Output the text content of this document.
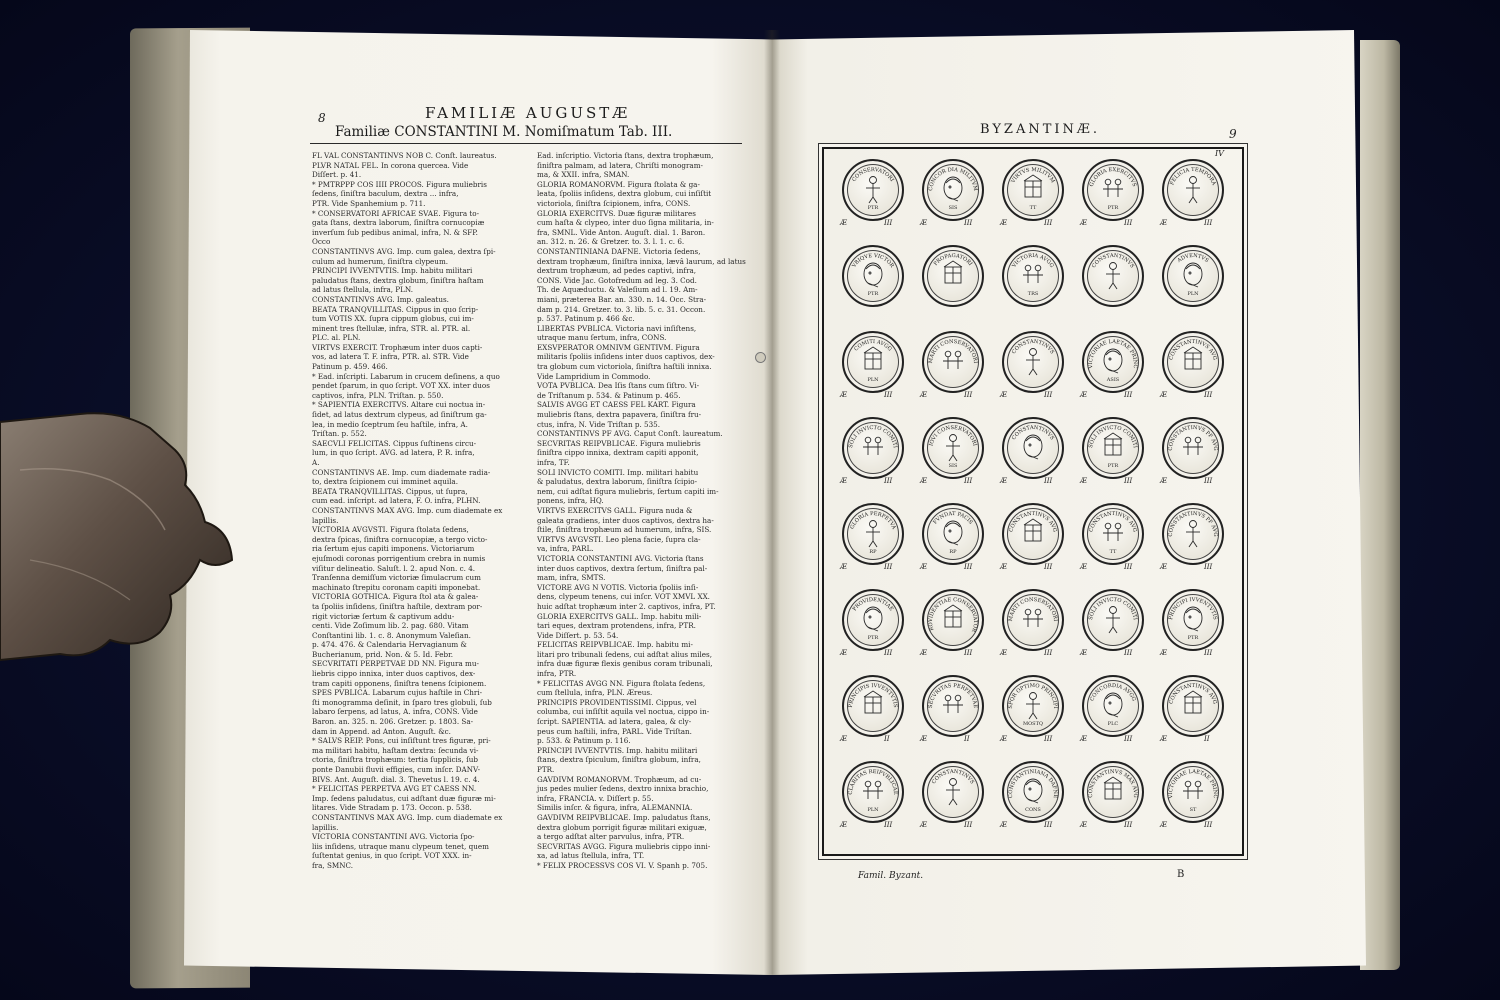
8	FAMILIÆ AUGUSTÆ
Familiæ CONSTANTINI M. Nomiſmatum Tab. III.
FL VAL CONSTANTINVS NOB C. Conſt. laureatus.
PLVR NATAL FEL. In corona quercea. Vide
Diſſert. p. 41.
* PMTRPPP COS IIII PROCOS. Figura muliebris
ſedens, ſiniſtra baculum, dextra ... infra,
PTR. Vide Spanhemium p. 711.
* CONSERVATORI AFRICAE SVAE. Figura to-
gata ſtans, dextra laborum, ſiniſtra cornucopiæ
inverſum ſub pedibus animal, infra, N. & SFP.
Occo
CONSTANTINVS AVG. Imp. cum galea, dextra ſpi-
culum ad humerum, ſiniſtra clypeum.
PRINCIPI IVVENTVTIS. Imp. habitu militari
paludatus ſtans, dextra globum, ſiniſtra haſtam
ad latus ſtellula, infra, PLN.
CONSTANTINVS AVG. Imp. galeatus.
BEATA TRANQVILLITAS. Cippus in quo ſcrip-
tum VOTIS XX. ſupra cippum globus, cui im-
minent tres ſtellulæ, infra, STR. al. PTR. al.
PLC. al. PLN.
VIRTVS EXERCIT. Trophæum inter duos capti-
vos, ad latera T. F. infra, PTR. al. STR. Vide
Patinum p. 459. 466.
* Ead. inſcripti. Labarum in crucem deſinens, a quo
pendet ſparum, in quo ſcript. VOT XX. inter duos
captivos, infra, PLN. Triſtan. p. 550.
* SAPIENTIA EXERCITVS. Altare cui noctua in-
ſidet, ad latus dextrum clypeus, ad ſiniſtrum ga-
lea, in medio ſceptrum ſeu haſtile, infra, A.
Triſtan. p. 552.
SAECVLI FELICITAS. Cippus ſuſtinens circu-
lum, in quo ſcript. AVG. ad latera, P. R. infra,
A.
CONSTANTINVS AE. Imp. cum diademate radia-
to, dextra ſcipionem cui imminet aquila.
BEATA TRANQVILLITAS. Cippus, ut ſupra,
cum ead. inſcript. ad latera, F. O. infra, PLHN.
CONSTANTINVS MAX AVG. Imp. cum diademate ex
lapillis.
VICTORIA AVGVSTI. Figura ſtolata ſedens,
dextra ſpicas, ſiniſtra cornucopiæ, a tergo victo-
ria ſertum ejus capiti imponens. Victoriarum
ejuſmodi coronas porrigentium crebra in numis
viſitur delineatio. Saluſt. l. 2. apud Non. c. 4.
Tranſenna demiſſum victoriæ ſimulacrum cum
machinato ſtrepitu coronam capiti imponebat.
VICTORIA GOTHICA. Figura ſtol ata & galea-
ta ſpoliis inſidens, ſiniſtra haſtile, dextram por-
rigit victoriæ ſertum & captivum addu-
centi. Vide Zoſimum lib. 2. pag. 680. Vitam
Conſtantini lib. 1. c. 8. Anonymum Valeſian.
p. 474. 476. & Calendaria Hervagianum &
Bucherianum, prid. Non. & 5. Id. Febr.
SECVRITATI PERPETVAE DD NN. Figura mu-
liebris cippo innixa, inter duos captivos, dex-
tram capiti opponens, ſiniſtra tenens ſcipionem.
SPES PVBLICA. Labarum cujus haſtile in Chri-
ſti monogramma deſinit, in ſparo tres globuli, ſub
labaro ſerpens, ad latus, A. infra, CONS. Vide
Baron. an. 325. n. 206. Gretzer. p. 1803. Sa-
dam in Append. ad Anton. Auguſt. &c.
* SALVS REIP. Pons, cui inſiſtunt tres figuræ, pri-
ma militari habitu, haſtam dextra: ſecunda vi-
ctoria, ſiniſtra trophæum: tertia ſupplicis, ſub
ponte Danubii fluvii effigies, cum inſcr. DANV-
BIVS. Ant. Auguſt. dial. 3. Thevetus l. 19. c. 4.
* FELICITAS PERPETVA AVG ET CAESS NN.
Imp. ſedens paludatus, cui adſtant duæ figuræ mi-
litares. Vide Stradam p. 173. Occon. p. 538.
CONSTANTINVS MAX AVG. Imp. cum diademate ex
lapillis.
VICTORIA CONSTANTINI AVG. Victoria ſpo-
liis inſidens, utraque manu clypeum tenet, quem
ſuſtentat genius, in quo ſcript. VOT XXX. in-
fra, SMNC.
Ead. inſcriptio. Victoria ſtans, dextra trophæum,
ſiniſtra palmam, ad latera, Chriſti monogram-
ma, & XXII. infra, SMAN.
GLORIA ROMANORVM. Figura ſtolata & ga-
leata, ſpoliis inſidens, dextra globum, cui inſiſtit
victoriola, ſiniſtra ſcipionem, infra, CONS.
GLORIA EXERCITVS. Duæ figuræ militares
cum haſta & clypeo, inter duo ſigna militaria, in-
fra, SMNL. Vide Anton. Auguſt. dial. 1. Baron.
an. 312. n. 26. & Gretzer. to. 3. l. 1. c. 6.
CONSTANTINIANA DAFNE. Victoria ſedens,
dextram trophæum, ſiniſtra innixa, lævâ laurum, ad latus
dextrum trophæum, ad pedes captivi, infra,
CONS. Vide Jac. Gotofredum ad leg. 3. Cod.
Th. de Aquæductu. & Valeſium ad l. 19. Am-
miani, præterea Bar. an. 330. n. 14. Occ. Stra-
dam p. 214. Gretzer. to. 3. lib. 5. c. 31. Occon.
p. 537. Patinum p. 466 &c.
LIBERTAS PVBLICA. Victoria navi inſiſtens,
utraque manu ſertum, infra, CONS.
EXSVPERATOR OMNIVM GENTIVM. Figura
militaris ſpoliis inſidens inter duos captivos, dex-
tra globum cum victoriola, ſiniſtra haſtili innixa.
Vide Lampridium in Commodo.
VOTA PVBLICA. Dea Iſis ſtans cum ſiſtro. Vi-
de Triſtanum p. 534. & Patinum p. 465.
SALVIS AVGG ET CAESS FEL KART. Figura
muliebris ſtans, dextra papavera, ſiniſtra fru-
ctus, infra, N. Vide Triſtan p. 535.
CONSTANTINVS PF AVG. Caput Conſt. laureatum.
SECVRITAS REIPVBLICAE. Figura muliebris
ſiniſtra cippo innixa, dextram capiti apponit,
infra, TF.
SOLI INVICTO COMITI. Imp. militari habitu
& paludatus, dextra laborum, ſiniſtra ſcipio-
nem, cui adſtat figura muliebris, ſertum capiti im-
ponens, infra, HQ.
VIRTVS EXERCITVS GALL. Figura nuda &
galeata gradiens, inter duos captivos, dextra ha-
ſtile, ſiniſtra trophæum ad humerum, infra, SIS.
VIRTVS AVGVSTI. Leo plena facie, ſupra cla-
va, infra, PARL.
VICTORIA CONSTANTINI AVG. Victoria ſtans
inter duos captivos, dextra ſertum, ſiniſtra pal-
mam, infra, SMTS.
VICTORE AVG N VOTIS. Victoria ſpoliis inſi-
dens, clypeum tenens, cui inſcr. VOT XMVL XX.
huic adſtat trophæum inter 2. captivos, infra, PT.
GLORIA EXERCITVS GALL. Imp. habitu mili-
tari eques, dextram protendens, infra, PTR.
Vide Diſſert. p. 53. 54.
FELICITAS REIPVBLICAE. Imp. habitu mi-
litari pro tribunali ſedens, cui adſtat alius miles,
infra duæ figuræ flexis genibus coram tribunali,
infra, PTR.
* FELICITAS AVGG NN. Figura ſtolata ſedens,
cum ſtellula, infra, PLN. Æreus.
PRINCIPIS PROVIDENTISSIMI. Cippus, vel
columba, cui inſiſtit aquila vel noctua, cippo in-
ſcript. SAPIENTIA. ad latera, galea, & cly-
peus cum haſtili, infra, PARL. Vide Triſtan.
p. 533. & Patinum p. 116.
PRINCIPI IVVENTVTIS. Imp. habitu militari
ſtans, dextra ſpiculum, ſiniſtra globum, infra,
PTR.
GAVDIVM ROMANORVM. Trophæum, ad cu-
jus pedes mulier ſedens, dextro innixa brachio,
infra, FRANCIA. v. Diſſert p. 55.
Similis inſcr. & figura, infra, ALEMANNIA.
GAVDIVM REIPVBLICAE. Imp. paludatus ſtans,
dextra globum porrigit figuræ militari exiguæ,
a tergo adſtat alter parvulus, infra, PTR.
SECVRITAS AVGG. Figura muliebris cippo inni-
xa, ad latus ſtellula, infra, TT.
* FELIX PROCESSVS COS VI. V. Spanh p. 705.
BYZANTINÆ.	9
CONSERVATORI
PTR
Æ	III
CONCOR DIA MILITVM
SIS
Æ	III
VIRTVS MILITVM
TT
Æ	III
GLORIA EXERCITVS
PTR
Æ	III
FELICIA TEMPORA
Æ	III
VBIQVE VICTOR
PTR
PROPAGATORI	VICTORIA AVGG
TRS
CONSTANTINVS
ADVENTVS
PLN
COMITI AVGG
PLN
Æ	III
MARTI CONSERVATORI
Æ	III
CONSTANTINVS
Æ	III
VICTORIAE LAETAE PRINC
ASIS
Æ	III
CONSTANTINVS AVG
Æ	III
SOLI INVICTO COMITI
Æ	III
IOVI CONSERVATORI
SIS
Æ	III
CONSTANTINVS
Æ	III
SOLI INVICTO COMITI
PTR
Æ	III
CONSTANTINVS PF AVG
Æ	III
GLORIA PERPETVA
RP
Æ	III
FVNDAT PACIS
RP
Æ	III
CONSTANTINVS AVG
Æ	III
CONSTANTINVS AVG
TT
Æ	III
CONSTANTINVS PF AVG
Æ	III
PROVIDENTIAE
PTR
Æ	III
ROVIDENTIAE CONSERVATOR
Æ	III
MARTI CONSERVATORI
Æ	III
SOLI INVICTO COMITI
Æ	III
PRINCIPI IVVENTVTIS
PTR
Æ	III
PRINCIPIS IVVENTVTIS
Æ	II
SECVRITAS PERPETVAE
Æ	II
SPQR OPTIMO PRINCIPI
MOSTQ
Æ	III
CONCORDIA AVGG
PLC
Æ	III
CONSTANTINVS AVG
Æ	II
CLARITAS REIPVBLICAE
PLN
Æ	III
CONSTANTINVS
Æ	III
CONSTANTINIANA DAFNE
CONS
Æ	III
CONSTANTINVS MAX AVG
Æ	III
VICTORIAE LAETAE PRINC
ST
Æ	III
IV
Famil. Byzant.	B
